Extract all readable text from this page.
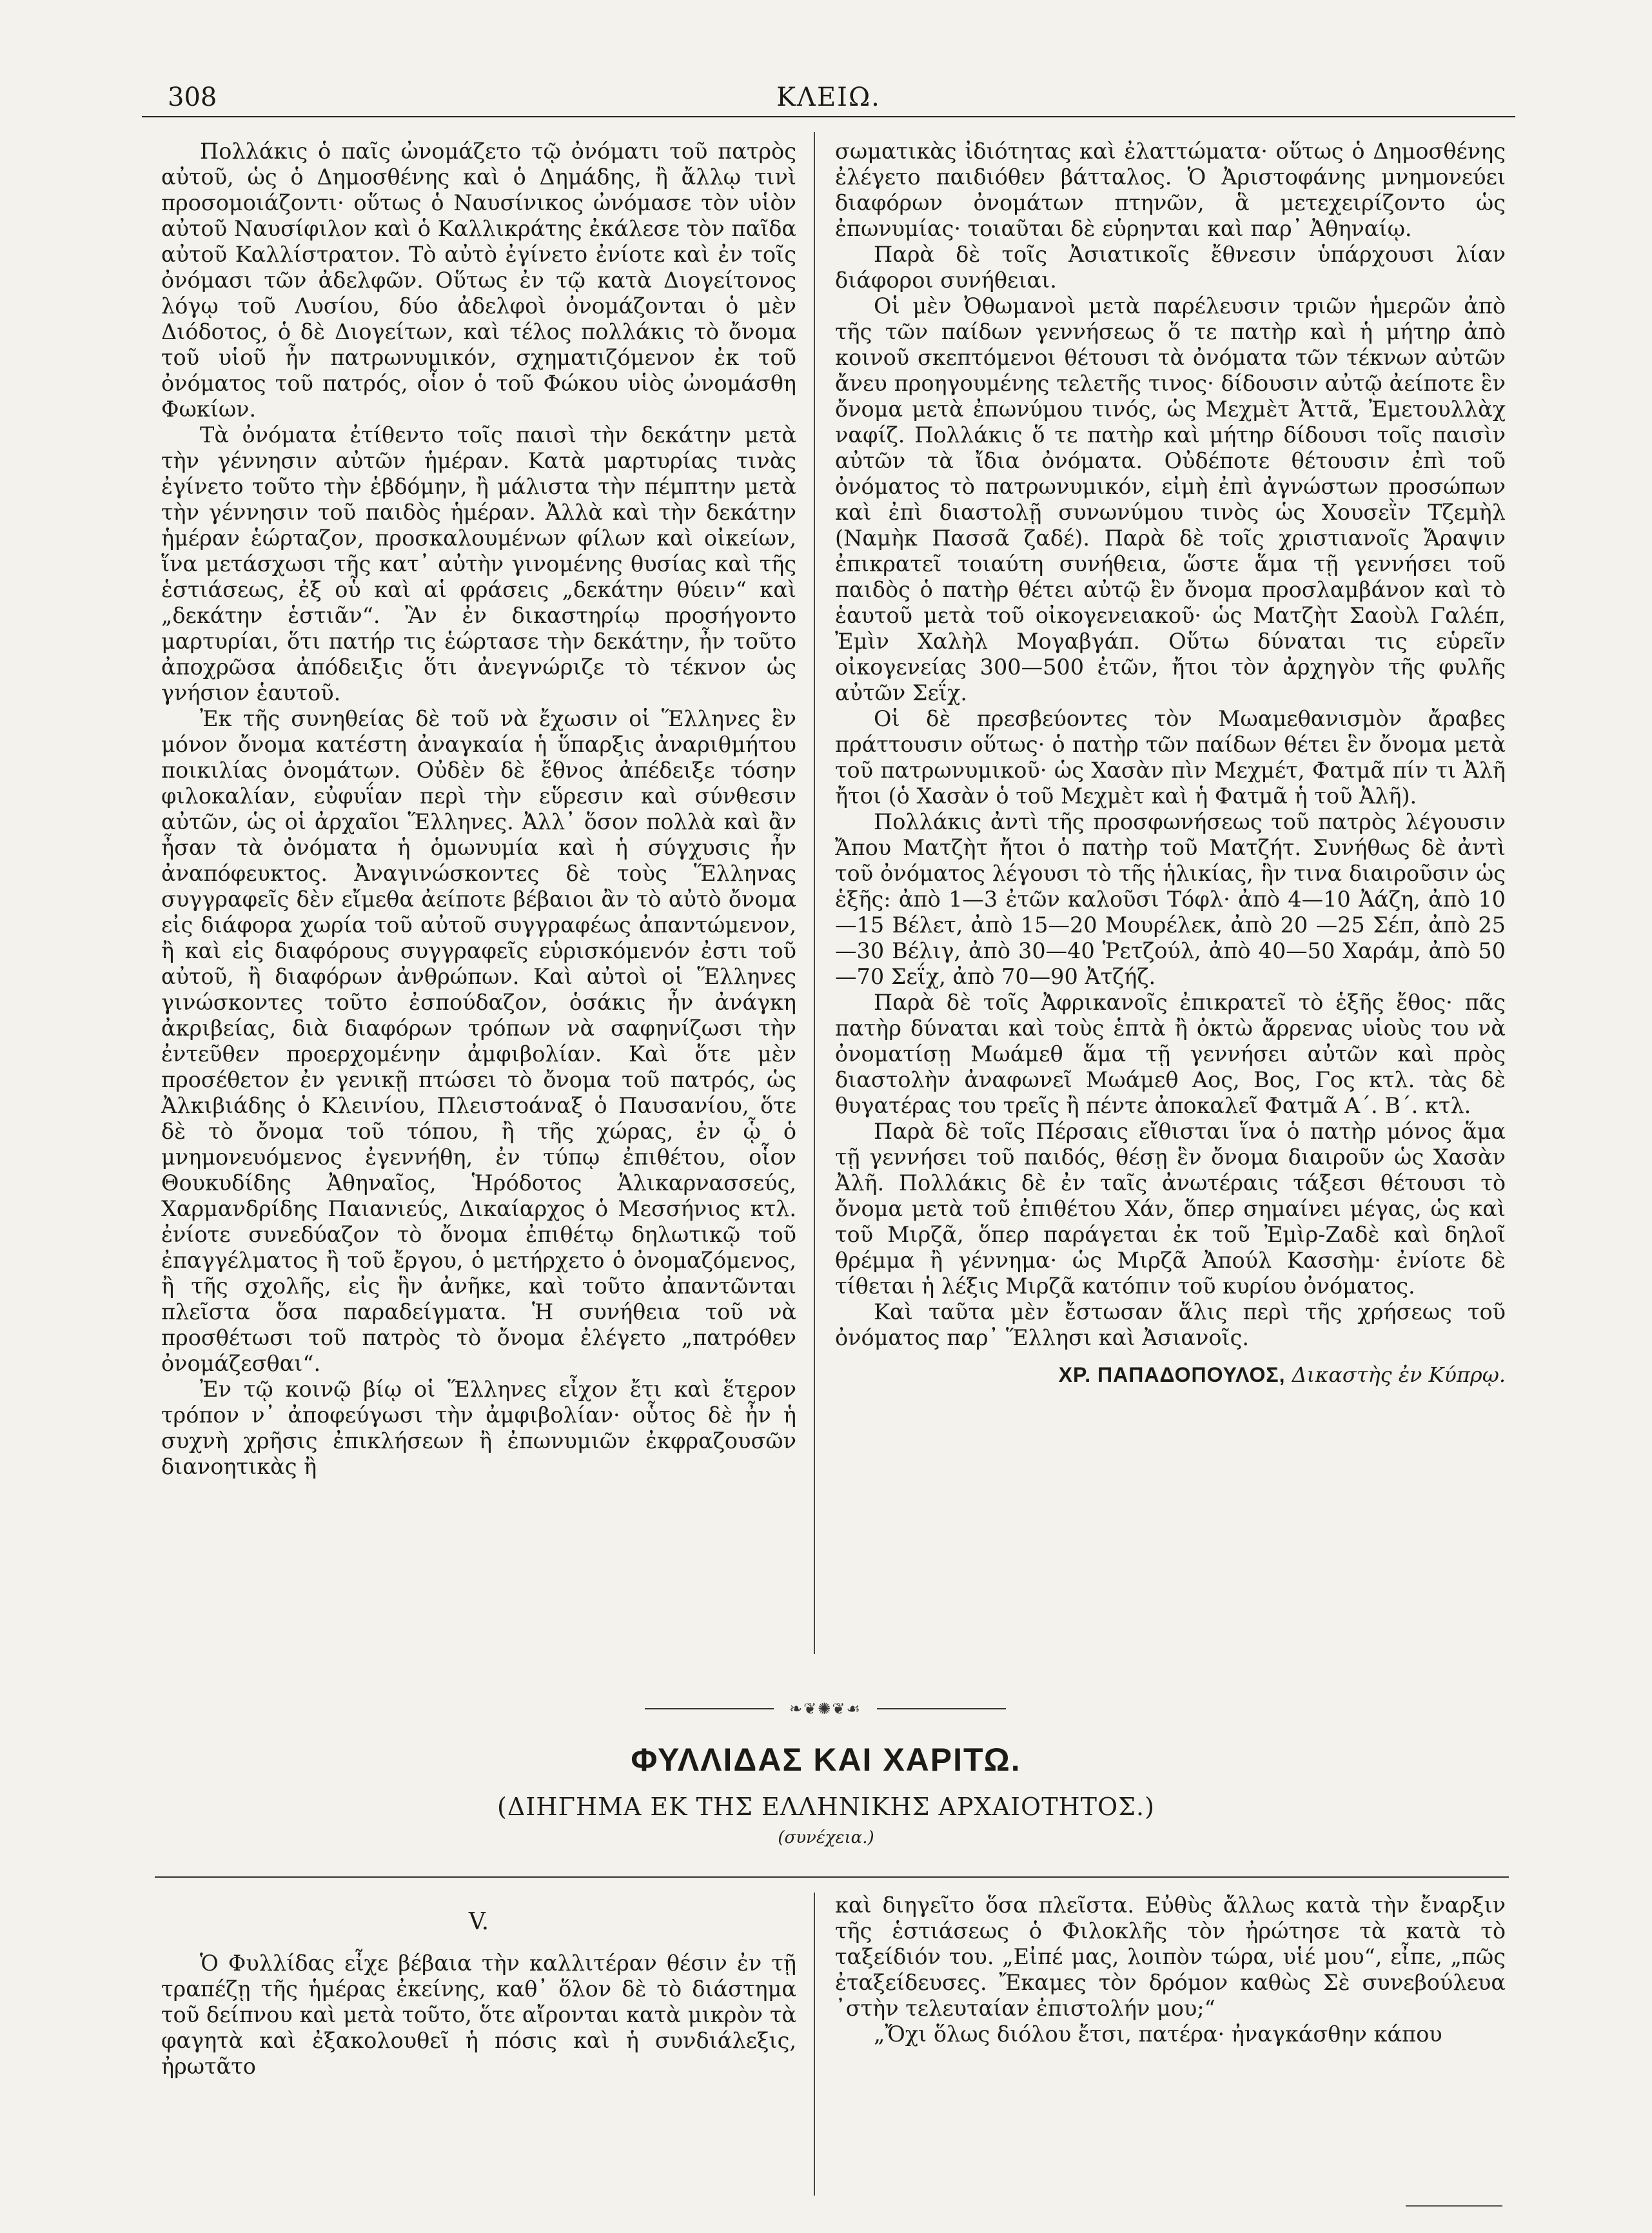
308	ΚΛΕΙΩ.

Πολλάκις ὁ παῖς ὠνομάζετο τῷ ὀνόματι τοῦ πατρὸς αὐτοῦ, ὡς ὁ Δημοσθένης καὶ ὁ Δημάδης, ἢ ἄλλῳ τινὶ προσομοιάζοντι· οὕτως ὁ Ναυσίνικος ὠνόμασε τὸν υἱὸν αὐτοῦ Ναυσίφιλον καὶ ὁ Καλλικράτης ἐκάλεσε τὸν παῖδα αὐτοῦ Καλλίστρατον. Τὸ αὐτὸ ἐγίνετο ἐνίοτε καὶ ἐν τοῖς ὀνόμασι τῶν ἀδελφῶν. Οὕτως ἐν τῷ κατὰ Διογείτονος λόγῳ τοῦ Λυσίου, δύο ἀδελφοὶ ὀνομάζονται ὁ μὲν Διόδοτος, ὁ δὲ Διογείτων, καὶ τέλος πολλάκις τὸ ὄνομα τοῦ υἱοῦ ἦν πατρωνυμικόν, σχηματιζόμενον ἐκ τοῦ ὀνόματος τοῦ πατρός, οἷον ὁ τοῦ Φώκου υἱὸς ὠνομάσθη Φωκίων.

Τὰ ὀνόματα ἐτίθεντο τοῖς παισὶ τὴν δεκάτην μετὰ τὴν γέννησιν αὐτῶν ἡμέραν. Κατὰ μαρτυρίας τινὰς ἐγίνετο τοῦτο τὴν ἑβδόμην, ἢ μάλιστα τὴν πέμπτην μετὰ τὴν γέννησιν τοῦ παιδὸς ἡμέραν. Ἀλλὰ καὶ τὴν δεκάτην ἡμέραν ἑώρταζον, προσκαλουμένων φίλων καὶ οἰκείων, ἵνα μετάσχωσι τῆς κατ᾽ αὐτὴν γινομένης θυσίας καὶ τῆς ἑστιάσεως, ἐξ οὗ καὶ αἱ φράσεις „δεκάτην θύειν“ καὶ „δεκάτην ἑστιᾶν“. Ἂν ἐν δικαστηρίῳ προσήγοντο μαρτυρίαι, ὅτι πατήρ τις ἑώρτασε τὴν δεκάτην, ἦν τοῦτο ἀποχρῶσα ἀπόδειξις ὅτι ἀνεγνώριζε τὸ τέκνον ὡς γνήσιον ἑαυτοῦ.

Ἐκ τῆς συνηθείας δὲ τοῦ νὰ ἔχωσιν οἱ Ἕλληνες ἓν μόνον ὄνομα κατέστη ἀναγκαία ἡ ὕπαρξις ἀναριθμήτου ποικιλίας ὀνομάτων. Οὐδὲν δὲ ἔθνος ἀπέδειξε τόσην φιλοκαλίαν, εὐφυΐαν περὶ τὴν εὕρεσιν καὶ σύνθεσιν αὐτῶν, ὡς οἱ ἀρχαῖοι Ἕλληνες. Ἀλλ᾽ ὅσον πολλὰ καὶ ἂν ἦσαν τὰ ὀνόματα ἡ ὁμωνυμία καὶ ἡ σύγχυσις ἦν ἀναπόφευκτος. Ἀναγινώσκοντες δὲ τοὺς Ἕλληνας συγγραφεῖς δὲν εἴμεθα ἀείποτε βέβαιοι ἂν τὸ αὐτὸ ὄνομα εἰς διάφορα χωρία τοῦ αὐτοῦ συγγραφέως ἀπαντώμενον, ἢ καὶ εἰς διαφόρους συγγραφεῖς εὑρισκόμενόν ἐστι τοῦ αὐτοῦ, ἢ διαφόρων ἀνθρώπων. Καὶ αὐτοὶ οἱ Ἕλληνες γινώσκοντες τοῦτο ἐσπούδαζον, ὁσάκις ἦν ἀνάγκη ἀκριβείας, διὰ διαφόρων τρόπων νὰ σαφηνίζωσι τὴν ἐντεῦθεν προερχομένην ἀμφιβολίαν. Καὶ ὅτε μὲν προσέθετον ἐν γενικῇ πτώσει τὸ ὄνομα τοῦ πατρός, ὡς Ἀλκιβιάδης ὁ Κλεινίου, Πλειστοάναξ ὁ Παυσανίου, ὅτε δὲ τὸ ὄνομα τοῦ τόπου, ἢ τῆς χώρας, ἐν ᾧ ὁ μνημονευόμενος ἐγεννήθη, ἐν τύπῳ ἐπιθέτου, οἷον Θουκυδίδης Ἀθηναῖος, Ἡρόδοτος Ἁλικαρνασσεύς, Χαρμανδρίδης Παιανιεύς, Δικαίαρχος ὁ Μεσσήνιος κτλ. ἐνίοτε συνεδύαζον τὸ ὄνομα ἐπιθέτῳ δηλωτικῷ τοῦ ἐπαγγέλματος ἢ τοῦ ἔργου, ὁ μετήρχετο ὁ ὀνομαζόμενος, ἢ τῆς σχολῆς, εἰς ἣν ἀνῆκε, καὶ τοῦτο ἀπαντῶνται πλεῖστα ὅσα παραδείγματα. Ἡ συνήθεια τοῦ νὰ προσθέτωσι τοῦ πατρὸς τὸ ὄνομα ἐλέγετο „πατρόθεν ὀνομάζεσθαι“.

Ἐν τῷ κοινῷ βίῳ οἱ Ἕλληνες εἶχον ἔτι καὶ ἕτερον τρόπον ν᾽ ἀποφεύγωσι τὴν ἀμφιβολίαν· οὗτος δὲ ἦν ἡ συχνὴ χρῆσις ἐπικλήσεων ἢ ἐπωνυμιῶν ἐκφραζουσῶν διανοητικὰς ἢ

σωματικὰς ἰδιότητας καὶ ἐλαττώματα· οὕτως ὁ Δημοσθένης ἐλέγετο παιδιόθεν βάτταλος. Ὁ Ἀριστοφάνης μνημονεύει διαφόρων ὀνομάτων πτηνῶν, ἃ μετεχειρίζοντο ὡς ἐπωνυμίας· τοιαῦται δὲ εὑρηνται καὶ παρ᾽ Ἀθηναίῳ.

Παρὰ δὲ τοῖς Ἀσιατικοῖς ἔθνεσιν ὑπάρχουσι λίαν διάφοροι συνήθειαι.

Οἱ μὲν Ὀθωμανοὶ μετὰ παρέλευσιν τριῶν ἡμερῶν ἀπὸ τῆς τῶν παίδων γεννήσεως ὅ τε πατὴρ καὶ ἡ μήτηρ ἀπὸ κοινοῦ σκεπτόμενοι θέτουσι τὰ ὀνόματα τῶν τέκνων αὐτῶν ἄνευ προηγουμένης τελετῆς τινος· δίδουσιν αὐτῷ ἀείποτε ἓν ὄνομα μετὰ ἐπωνύμου τινός, ὡς Μεχμὲτ Ἀττᾶ, Ἐμετουλλὰχ ναφίζ. Πολλάκις ὅ τε πατὴρ καὶ μήτηρ δίδουσι τοῖς παισὶν αὐτῶν τὰ ἴδια ὀνόματα. Οὐδέποτε θέτουσιν ἐπὶ τοῦ ὀνόματος τὸ πατρωνυμικόν, εἰμὴ ἐπὶ ἀγνώστων προσώπων καὶ ἐπὶ διαστολῇ συνωνύμου τινὸς ὡς Χουσεῒν Τζεμὴλ (Ναμὴκ Πασσᾶ ζαδέ). Παρὰ δὲ τοῖς χριστιανοῖς Ἄραψιν ἐπικρατεῖ τοιαύτη συνήθεια, ὥστε ἅμα τῇ γεννήσει τοῦ παιδὸς ὁ πατὴρ θέτει αὐτῷ ἓν ὄνομα προσλαμβάνον καὶ τὸ ἑαυτοῦ μετὰ τοῦ οἰκογενειακοῦ· ὡς Ματζὴτ Σαοὺλ Γαλέπ, Ἐμὶν Χαλὴλ Μογαβγάπ. Οὕτω δύναται τις εὑρεῖν οἰκογενείας 300—500 ἐτῶν, ἤτοι τὸν ἀρχηγὸν τῆς φυλῆς αὐτῶν Σεΐχ.

Οἱ δὲ πρεσβεύοντες τὸν Μωαμεθανισμὸν ἄραβες πράττουσιν οὕτως· ὁ πατὴρ τῶν παίδων θέτει ἓν ὄνομα μετὰ τοῦ πατρωνυμικοῦ· ὡς Χασὰν πὶν Μεχμέτ, Φατμᾶ πίν τι Ἀλῆ ἤτοι (ὁ Χασὰν ὁ τοῦ Μεχμὲτ καὶ ἡ Φατμᾶ ἡ τοῦ Ἀλῆ).

Πολλάκις ἀντὶ τῆς προσφωνήσεως τοῦ πατρὸς λέγουσιν Ἄπου Ματζὴτ ἤτοι ὁ πατὴρ τοῦ Ματζήτ. Συνήθως δὲ ἀντὶ τοῦ ὀνόματος λέγουσι τὸ τῆς ἡλικίας, ἣν τινα διαιροῦσιν ὡς ἑξῆς: ἀπὸ 1—3 ἐτῶν καλοῦσι Τόφλ· ἀπὸ 4—10 Ἀάζη, ἀπὸ 10—15 Βέλετ, ἀπὸ 15—20 Μουρέλεκ, ἀπὸ 20 —25 Σέπ, ἀπὸ 25—30 Βέλιγ, ἀπὸ 30—40 Ῥετζούλ, ἀπὸ 40—50 Χαράμ, ἀπὸ 50—70 Σεΐχ, ἀπὸ 70—90 Ἀτζήζ.

Παρὰ δὲ τοῖς Ἀφρικανοῖς ἐπικρατεῖ τὸ ἑξῆς ἔθος· πᾶς πατὴρ δύναται καὶ τοὺς ἑπτὰ ἢ ὀκτὼ ἄρρενας υἱοὺς του νὰ ὀνοματίσῃ Μωάμεθ ἅμα τῇ γεννήσει αὐτῶν καὶ πρὸς διαστολὴν ἀναφωνεῖ Μωάμεθ Αος, Βος, Γος κτλ. τὰς δὲ θυγατέρας του τρεῖς ἢ πέντε ἀποκαλεῖ Φατμᾶ Α΄. Β΄. κτλ.

Παρὰ δὲ τοῖς Πέρσαις εἴθισται ἵνα ὁ πατὴρ μόνος ἅμα τῇ γεννήσει τοῦ παιδός, θέσῃ ἓν ὄνομα διαιροῦν ὡς Χασὰν Ἀλῆ. Πολλάκις δὲ ἐν ταῖς ἀνωτέραις τάξεσι θέτουσι τὸ ὄνομα μετὰ τοῦ ἐπιθέτου Χάν, ὅπερ σημαίνει μέγας, ὡς καὶ τοῦ Μιρζᾶ, ὅπερ παράγεται ἐκ τοῦ Ἐμὶρ-Ζαδὲ καὶ δηλοῖ θρέμμα ἢ γέννημα· ὡς Μιρζᾶ Ἀπούλ Κασσὴμ· ἐνίοτε δὲ τίθεται ἡ λέξις Μιρζᾶ κατόπιν τοῦ κυρίου ὀνόματος.

Καὶ ταῦτα μὲν ἔστωσαν ἅλις περὶ τῆς χρήσεως τοῦ ὀνόματος παρ᾽ Ἕλλησι καὶ Ἀσιανοῖς.

ΧΡ. ΠΑΠΑΔΟΠΟΥΛΟΣ, Δικαστὴς ἐν Κύπρῳ.
❧❦✺❦☙
ΦΥΛΛΙΔΑΣ ΚΑΙ ΧΑΡΙΤΩ.
(ΔΙΗΓΗΜΑ ΕΚ ΤΗΣ ΕΛΛΗΝΙΚΗΣ ΑΡΧΑΙΟΤΗΤΟΣ.)
(συνέχεια.)
V.

Ὁ Φυλλίδας εἶχε βέβαια τὴν καλλιτέραν θέσιν ἐν τῇ τραπέζῃ τῆς ἡμέρας ἐκείνης, καθ᾽ ὅλον δὲ τὸ διάστημα τοῦ δείπνου καὶ μετὰ τοῦτο, ὅτε αἴρονται κατὰ μικρὸν τὰ φαγητὰ καὶ ἐξακολουθεῖ ἡ πόσις καὶ ἡ συνδιάλεξις, ἠρωτᾶτο

καὶ διηγεῖτο ὅσα πλεῖστα. Εὐθὺς ἄλλως κατὰ τὴν ἔναρξιν τῆς ἑστιάσεως ὁ Φιλοκλῆς τὸν ἠρώτησε τὰ κατὰ τὸ ταξείδιόν του. „Εἰπέ μας, λοιπὸν τώρα, υἱέ μου“, εἶπε, „πῶς ἐταξείδευσες. Ἔκαμες τὸν δρόμον καθὼς Σὲ συνεβούλευα ᾽στὴν τελευταίαν ἐπιστολήν μου;“

„Ὄχι ὅλως διόλου ἔτσι, πατέρα· ἠναγκάσθην κάπου
